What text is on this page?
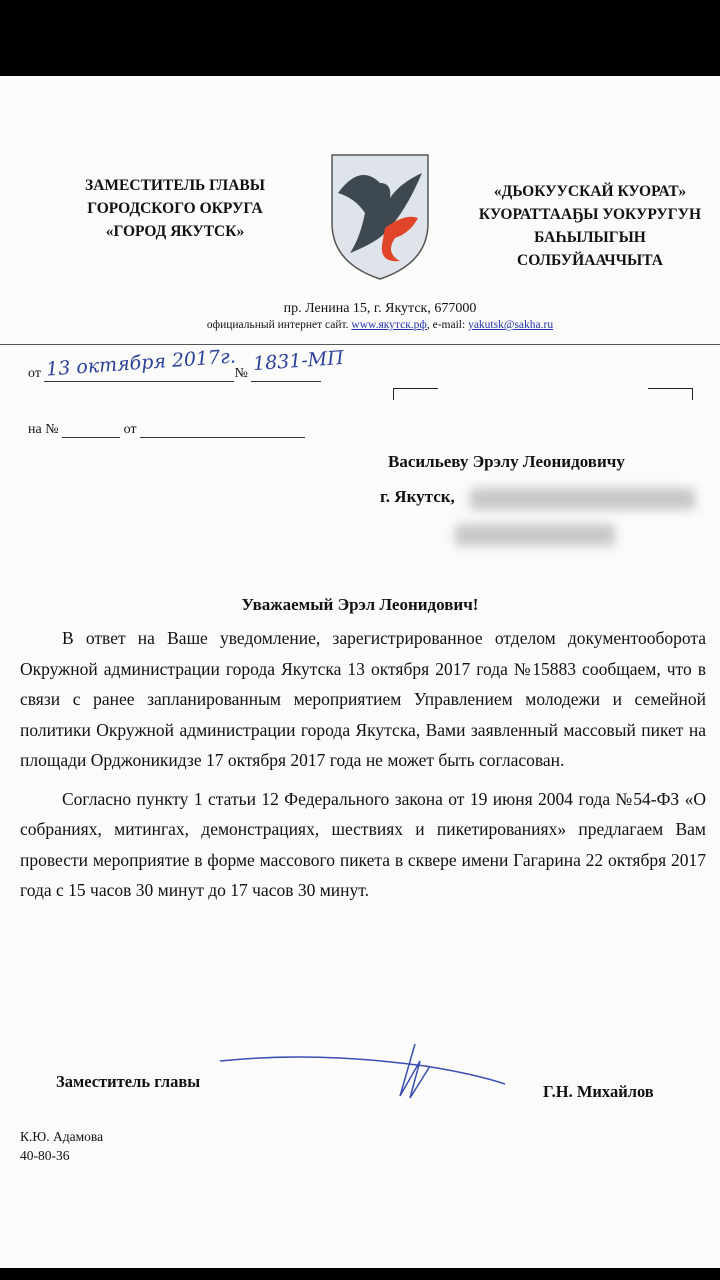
ЗАМЕСТИТЕЛЬ ГЛАВЫ
ГОРОДСКОГО ОКРУГА
«ГОРОД ЯКУТСК»
«ДЬОКУУСКАЙ КУОРАТ»
КУОРАТТААҔЫ УОКУРУГУН
БАҺЫЛЫГЫН
СОЛБУЙААЧЧЫТА
пр. Ленина 15, г. Якутск, 677000
официальный интернет сайт. www.якутск.рф, e-mail: yakutsk@sakha.ru
от 13 октября 2017г.
№ 1831-МП
на №	от
Васильеву Эрэлу Леонидовичу
г. Якутск,
Уважаемый Эрэл Леонидович!

В ответ на Ваше уведомление, зарегистрированное отделом документооборота Окружной администрации города Якутска 13 октября 2017 года №15883 сообщаем, что в связи с ранее запланированным мероприятием Управлением молодежи и семейной политики Окружной администрации города Якутска, Вами заявленный массовый пикет на площади Орджоникидзе 17 октября 2017 года не может быть согласован.

Согласно пункту 1 статьи 12 Федерального закона от 19 июня 2004 года №54-ФЗ «О собраниях, митингах, демонстрациях, шествиях и пикетированиях» предлагаем Вам провести мероприятие в форме массового пикета в сквере имени Гагарина 22 октября 2017 года с 15 часов 30 минут до 17 часов 30 минут.

Заместитель главы
Г.Н. Михайлов
К.Ю. Адамова
40-80-36
